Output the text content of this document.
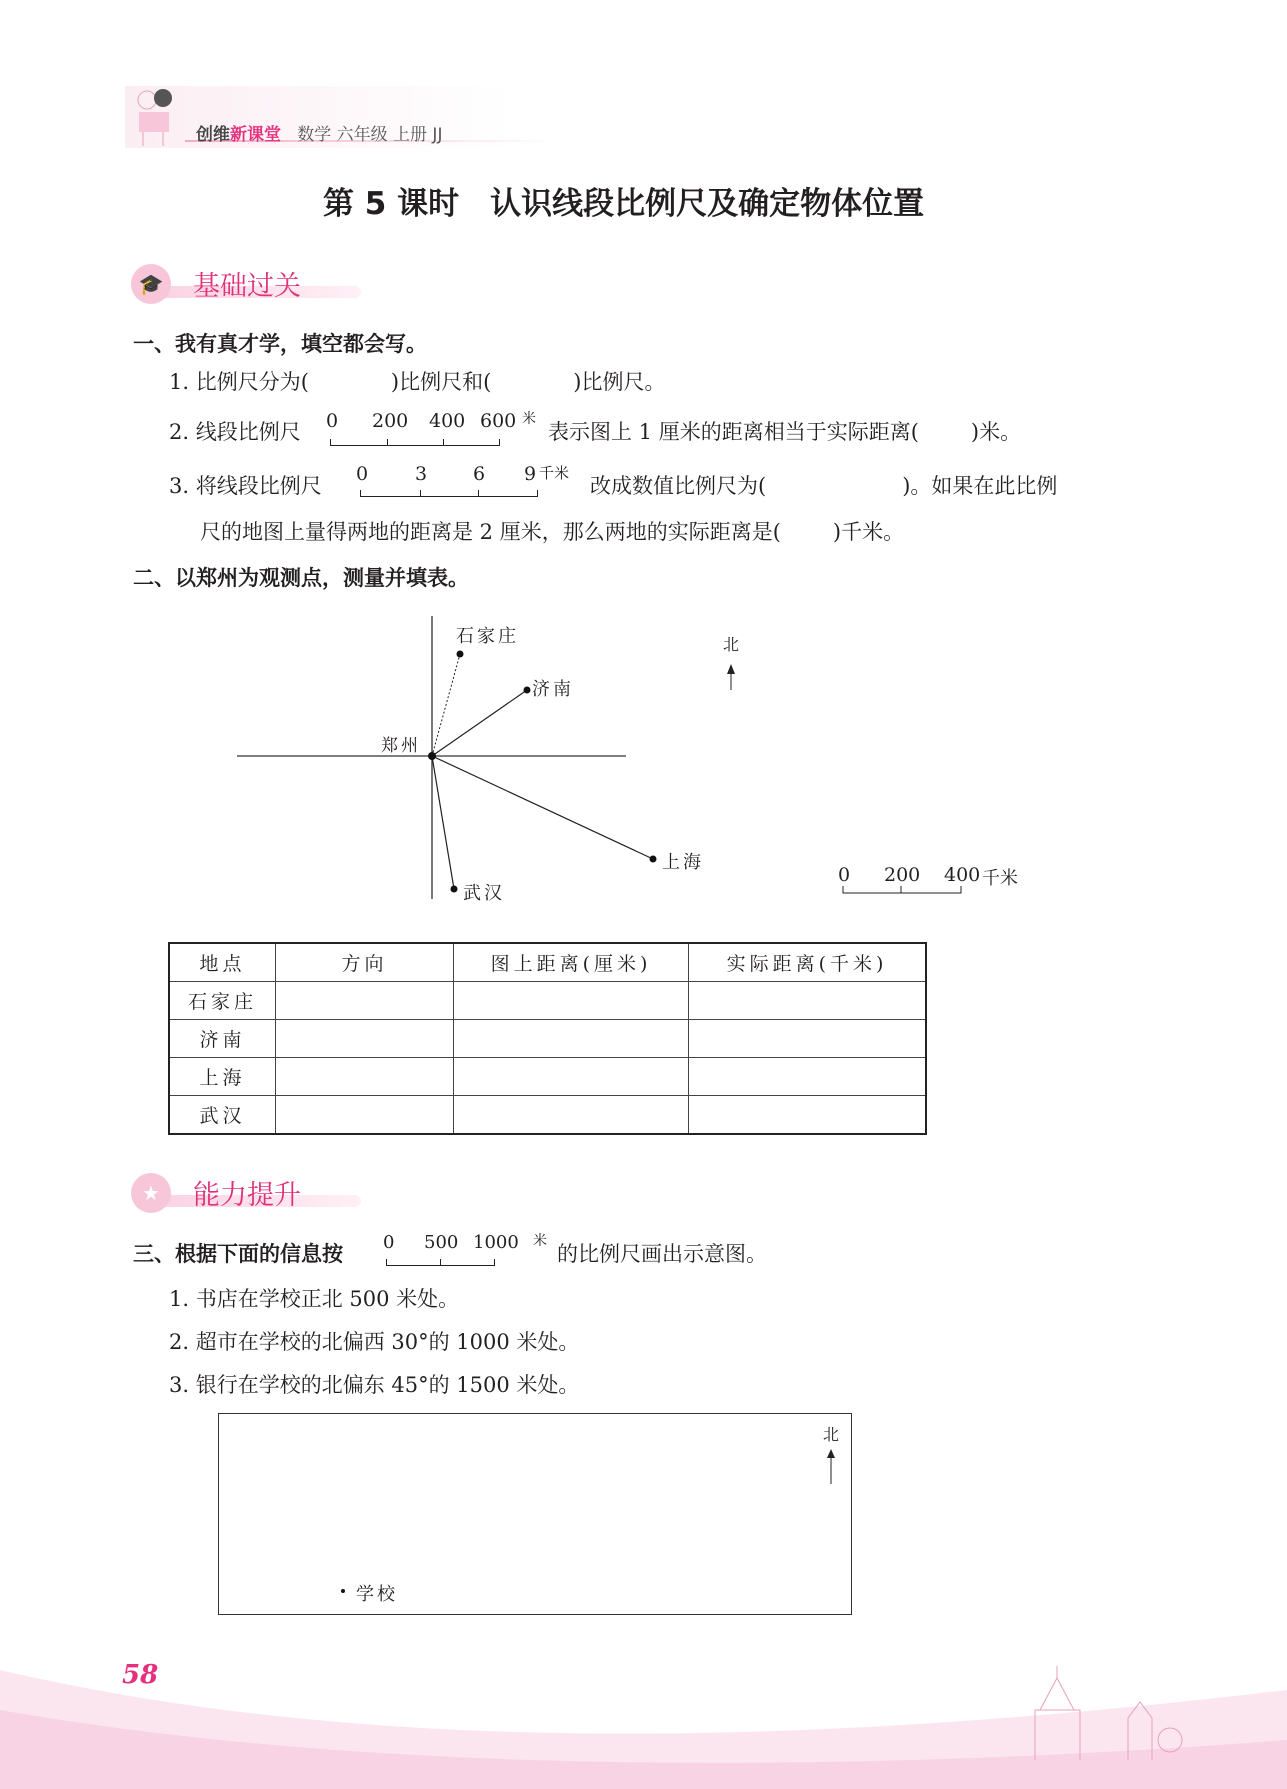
创维新课堂 数学 六年级 上册 JJ
第 5 课时　认识线段比例尺及确定物体位置
🎓 基础过关
一、我有真才学，填空都会写。
1. 比例尺分为(	)比例尺和(	)比例尺。
2. 线段比例尺 0 200 400 600 米
表示图上 1 厘米的距离相当于实际距离( )米。
3. 将线段比例尺 0 3 6 9 千米
改成数值比例尺为(	)。如果在此比例
尺的地图上量得两地的距离是 2 厘米，那么两地的实际距离是( )千米。
二、以郑州为观测点，测量并填表。
郑州
石家庄
济南
上海
武汉
北
0 200 400 千米
地点	方向	图上距离(厘米)	实际距离(千米)
石家庄			
济南			
上海			
武汉			
★	能力提升
三、根据下面的信息按 0 500 1000 米
的比例尺画出示意图。
1. 书店在学校正北 500 米处。
2. 超市在学校的北偏西 30°的 1000 米处。
3. 银行在学校的北偏东 45°的 1500 米处。
北
学校
58
